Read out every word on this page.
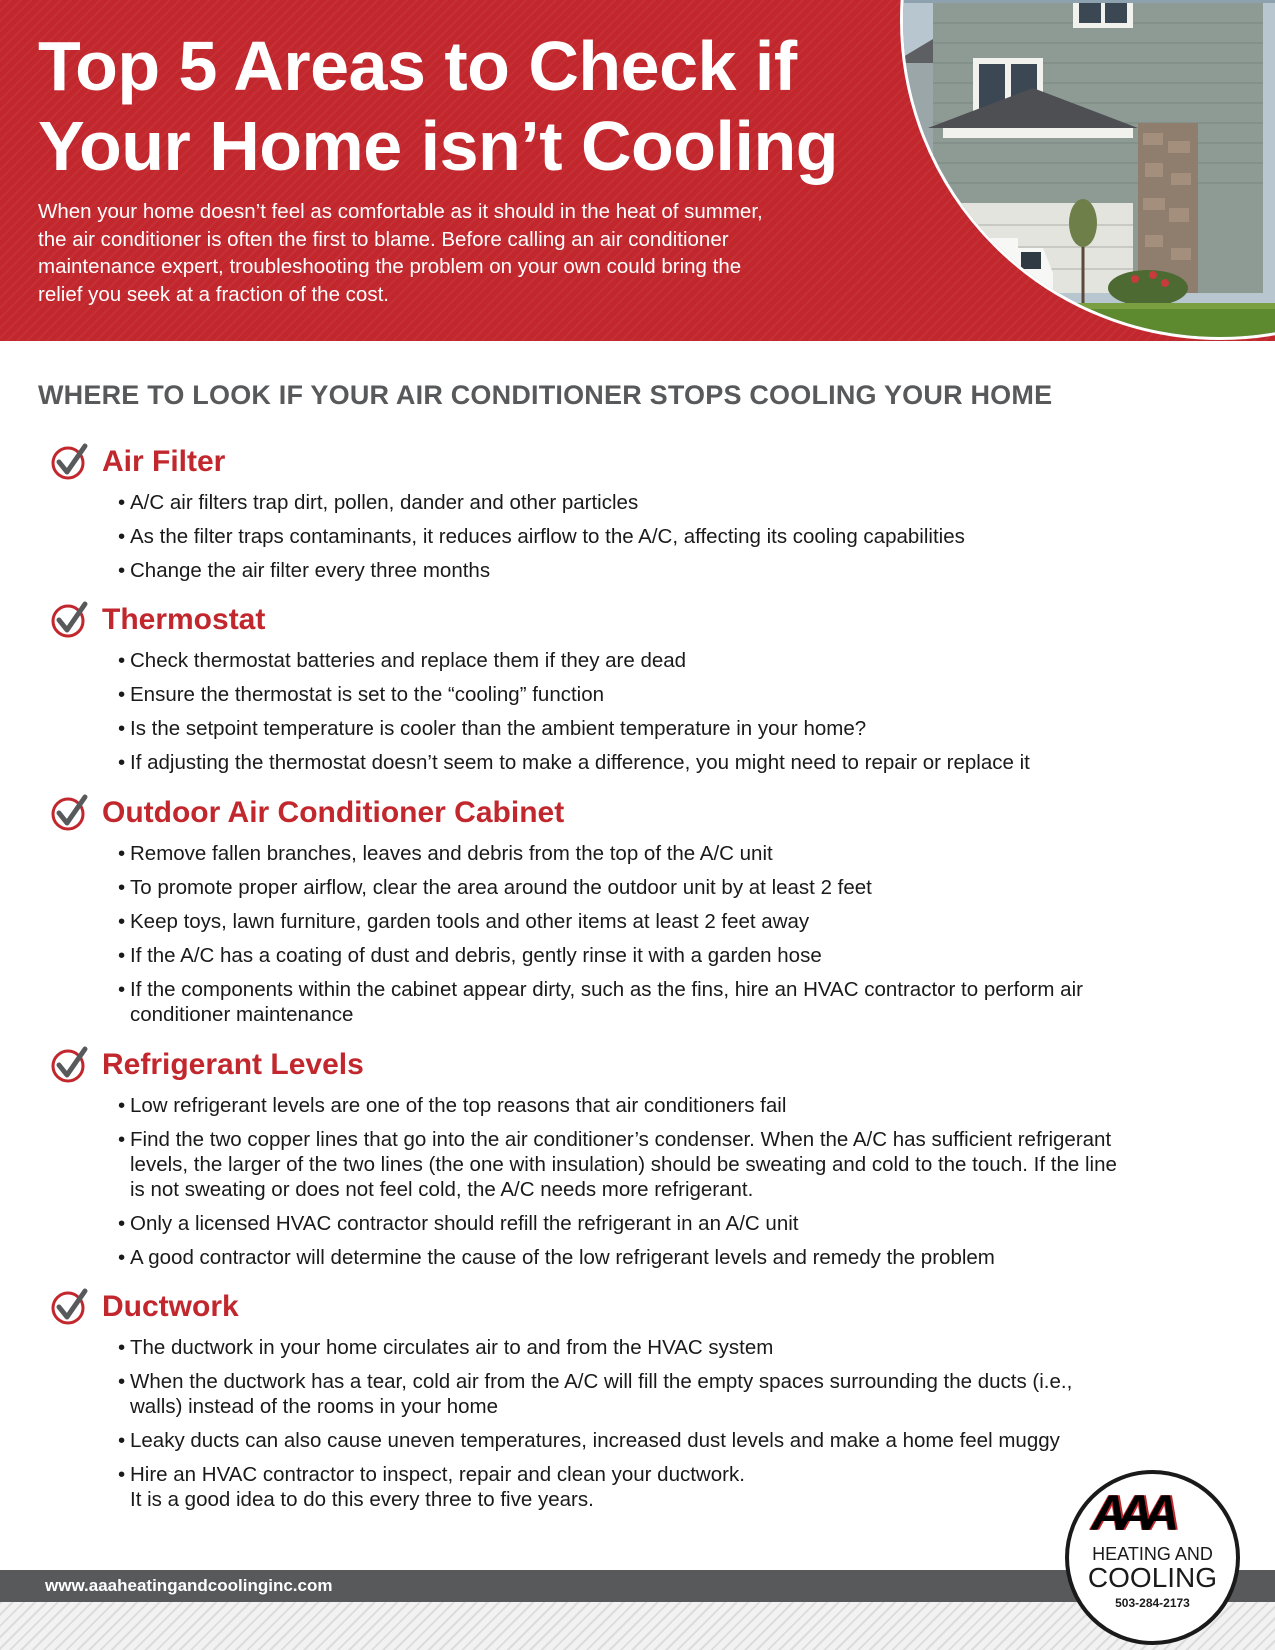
Top 5 Areas to Check if
Your Home isn’t Cooling

When your home doesn’t feel as comfortable as it should in the heat of summer,
the air conditioner is often the first to blame. Before calling an air conditioner
maintenance expert, troubleshooting the problem on your own could bring the
relief you seek at a fraction of the cost.

WHERE TO LOOK IF YOUR AIR CONDITIONER STOPS COOLING YOUR HOME
Air Filter
• A/C air filters trap dirt, pollen, dander and other particles
• As the filter traps contaminants, it reduces airflow to the A/C, affecting its cooling capabilities
• Change the air filter every three months
Thermostat
• Check thermostat batteries and replace them if they are dead
• Ensure the thermostat is set to the “cooling” function
• Is the setpoint temperature is cooler than the ambient temperature in your home?
• If adjusting the thermostat doesn’t seem to make a difference, you might need to repair or replace it
Outdoor Air Conditioner Cabinet
• Remove fallen branches, leaves and debris from the top of the A/C unit
• To promote proper airflow, clear the area around the outdoor unit by at least 2 feet
• Keep toys, lawn furniture, garden tools and other items at least 2 feet away
• If the A/C has a coating of dust and debris, gently rinse it with a garden hose
• If the components within the cabinet appear dirty, such as the fins, hire an HVAC contractor to perform air
conditioner maintenance
Refrigerant Levels
• Low refrigerant levels are one of the top reasons that air conditioners fail
• Find the two copper lines that go into the air conditioner’s condenser. When the A/C has sufficient refrigerant
levels, the larger of the two lines (the one with insulation) should be sweating and cold to the touch. If the line
is not sweating or does not feel cold, the A/C needs more refrigerant.
• Only a licensed HVAC contractor should refill the refrigerant in an A/C unit
• A good contractor will determine the cause of the low refrigerant levels and remedy the problem
Ductwork
• The ductwork in your home circulates air to and from the HVAC system
• When the ductwork has a tear, cold air from the A/C will fill the empty spaces surrounding the ducts (i.e.,
walls) instead of the rooms in your home
• Leaky ducts can also cause uneven temperatures, increased dust levels and make a home feel muggy
• Hire an HVAC contractor to inspect, repair and clean your ductwork.
It is a good idea to do this every three to five years.
www.aaaheatingandcoolinginc.com
AAA
HEATING AND
COOLING
503-284-2173
